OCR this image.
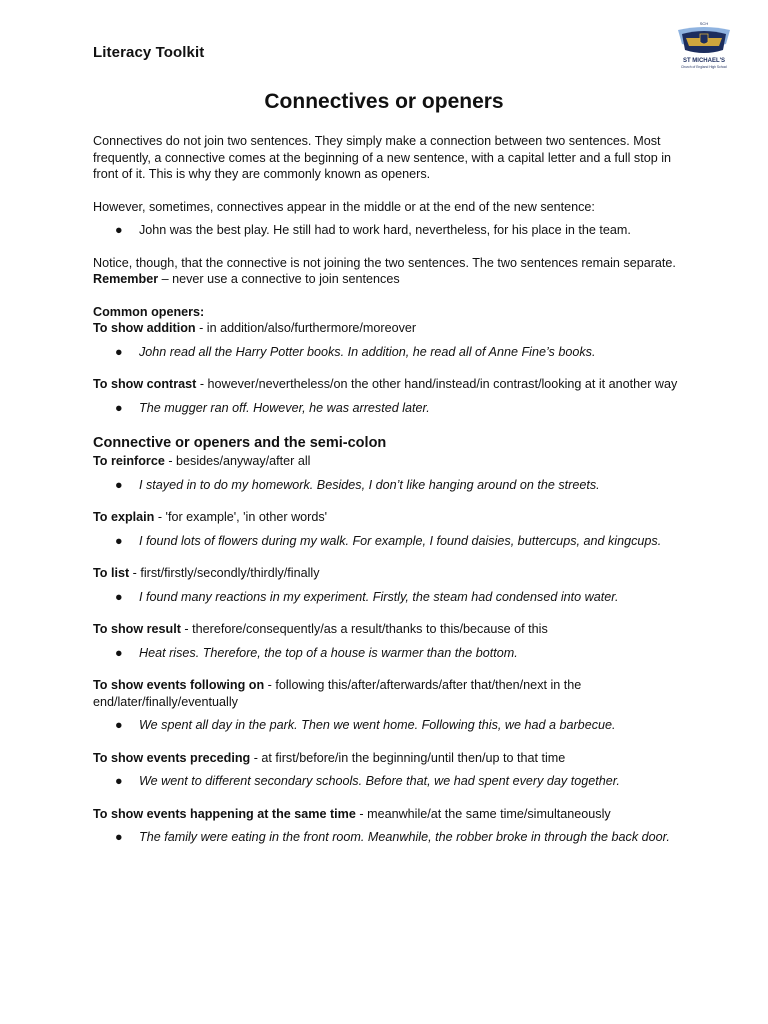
Literacy Toolkit
SCH
ST MICHAEL'S
Church of England High School
Connectives or openers

Connectives do not join two sentences. They simply make a connection between two sentences. Most frequently, a connective comes at the beginning of a new sentence, with a capital letter and a full stop in front of it. This is why they are commonly known as openers.

However, sometimes, connectives appear in the middle or at the end of the new sentence:

● John was the best play. He still had to work hard, nevertheless, for his place in the team.

Notice, though, that the connective is not joining the two sentences. The two sentences remain separate.

Remember – never use a connective to join sentences

Common openers:

To show addition - in addition/also/furthermore/moreover

● John read all the Harry Potter books. In addition, he read all of Anne Fine’s books.

To show contrast - however/nevertheless/on the other hand/instead/in contrast/looking at it another way

● The mugger ran off. However, he was arrested later.

Connective or openers and the semi-colon

To reinforce - besides/anyway/after all

● I stayed in to do my homework. Besides, I don’t like hanging around on the streets.

To explain - 'for example', 'in other words'

● I found lots of flowers during my walk. For example, I found daisies, buttercups, and kingcups.

To list - first/firstly/secondly/thirdly/finally

● I found many reactions in my experiment. Firstly, the steam had condensed into water.

To show result - therefore/consequently/as a result/thanks to this/because of this

● Heat rises. Therefore, the top of a house is warmer than the bottom.

To show events following on - following this/after/afterwards/after that/then/next in the end/later/finally/eventually

● We spent all day in the park. Then we went home. Following this, we had a barbecue.

To show events preceding - at first/before/in the beginning/until then/up to that time

● We went to different secondary schools. Before that, we had spent every day together.

To show events happening at the same time - meanwhile/at the same time/simultaneously

● The family were eating in the front room. Meanwhile, the robber broke in through the back door.
